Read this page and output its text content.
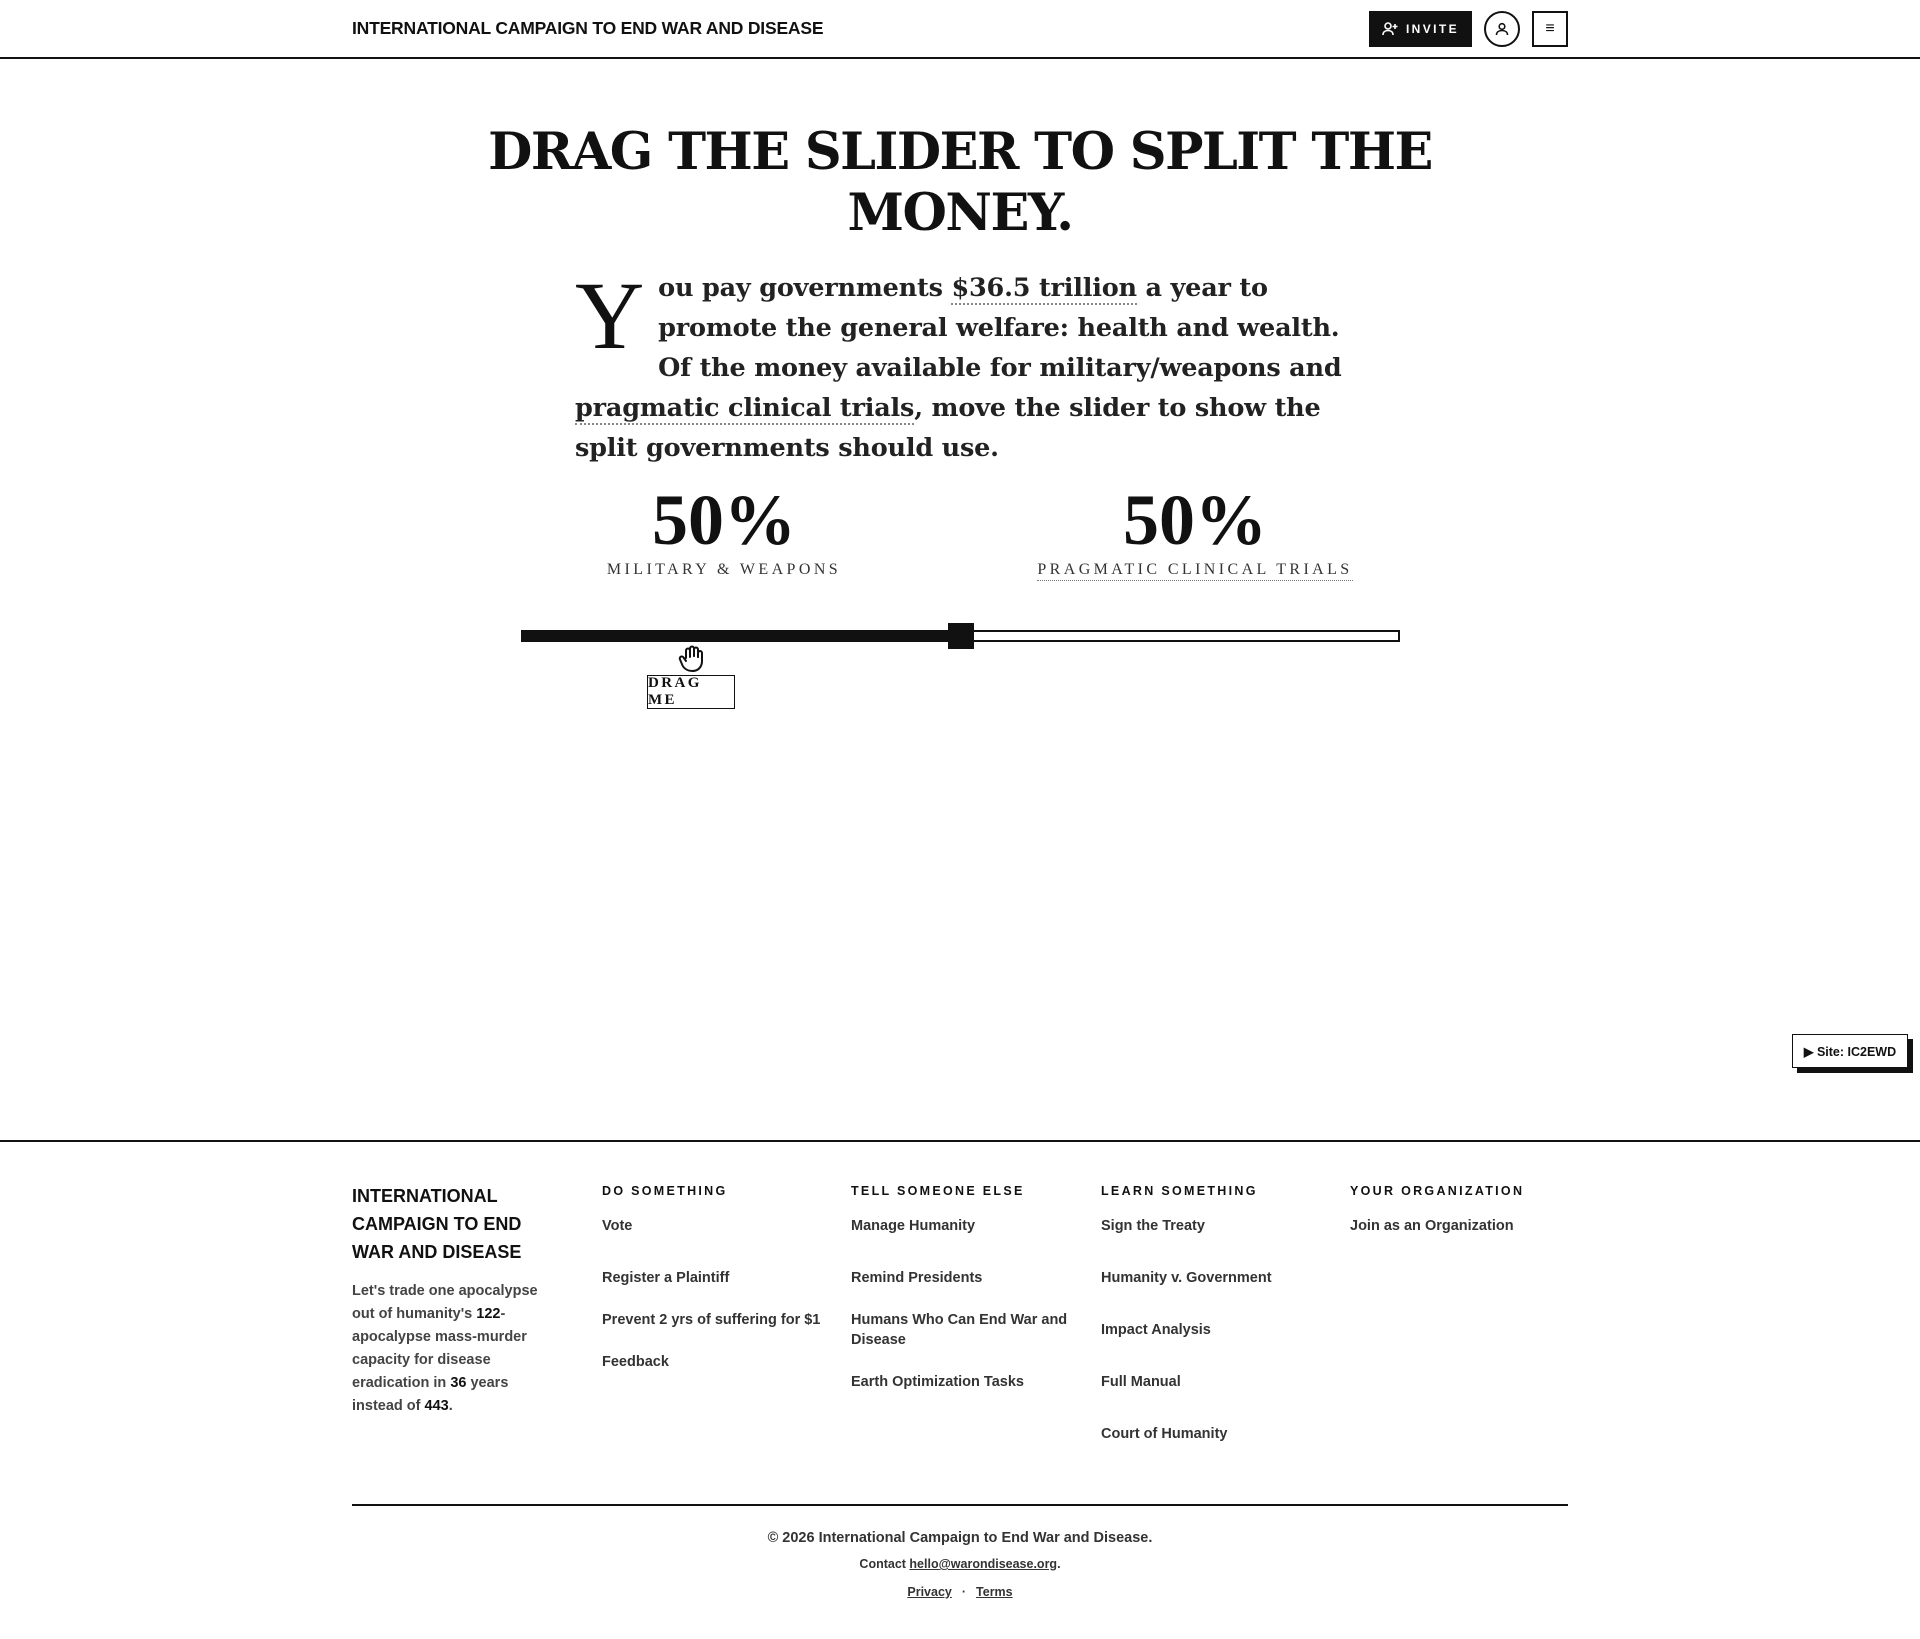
INTERNATIONAL CAMPAIGN TO END WAR AND DISEASE	INVITE	≡
DRAG THE SLIDER TO SPLIT THE MONEY.
You pay governments $36.5 trillion a year to promote the general welfare: health and wealth. Of the money available for military/weapons and pragmatic clinical trials, move the slider to show the split governments should use.
50%
MILITARY & WEAPONS
50%
PRAGMATIC CLINICAL TRIALS
DRAG ME
▶ Site: IC2EWD
INTERNATIONAL CAMPAIGN TO END WAR AND DISEASE
Let's trade one apocalypse out of humanity's 122-apocalypse mass-murder capacity for disease eradication in 36 years instead of 443.
DO SOMETHING
Vote
Register a Plaintiff
Prevent 2 yrs of suffering for $1
Feedback
TELL SOMEONE ELSE
Manage Humanity
Remind Presidents
Humans Who Can End War and Disease
Earth Optimization Tasks
LEARN SOMETHING
Sign the Treaty
Humanity v. Government
Impact Analysis
Full Manual
Court of Humanity
YOUR ORGANIZATION
Join as an Organization
© 2026 International Campaign to End War and Disease.
Contact hello@warondisease.org.
Privacy · Terms
